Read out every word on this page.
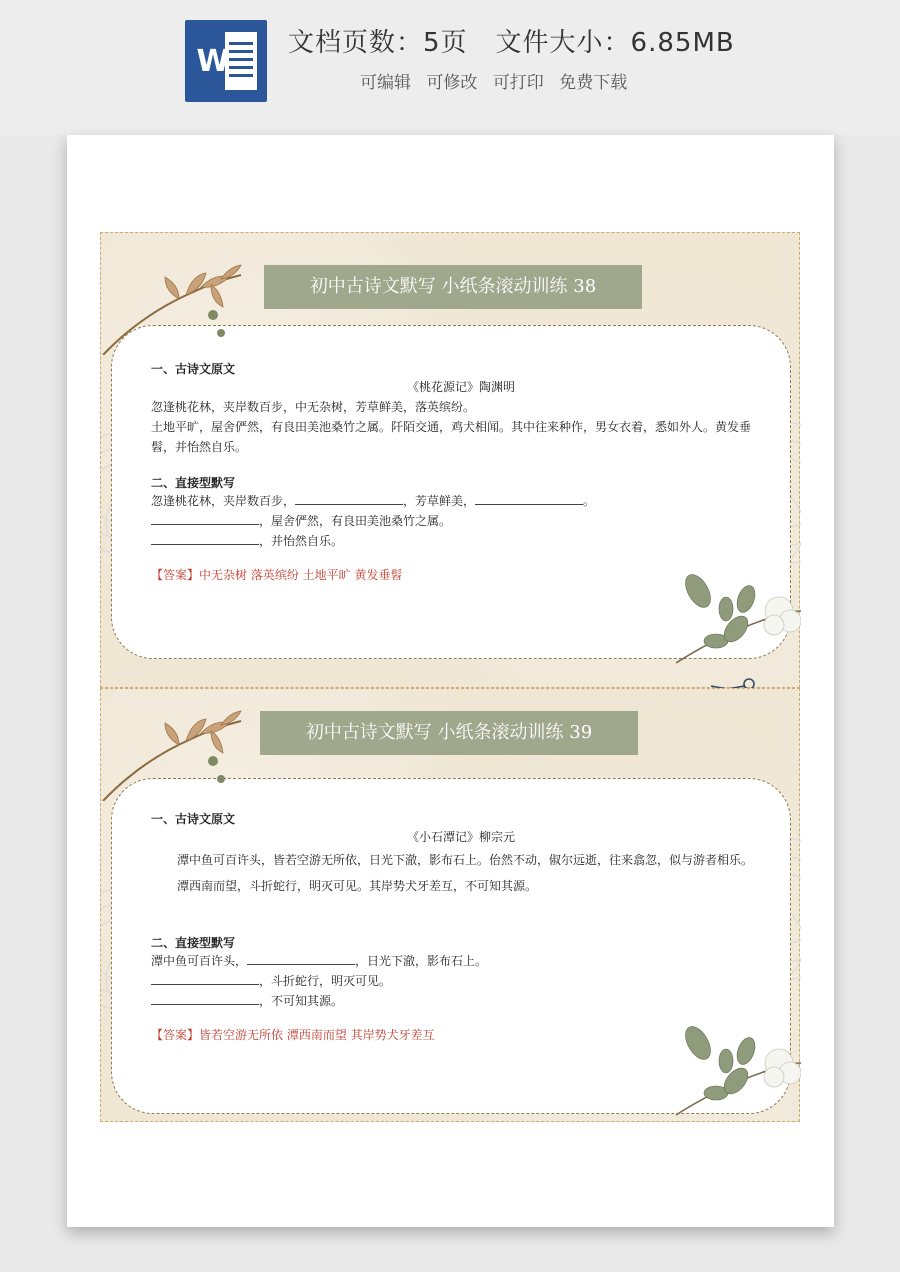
W
文档页数：5页 文件大小：6.85MB
可编辑 可修改 可打印 免费下载
初中古诗文默写 小纸条滚动训练 38
一、古诗文原文
《桃花源记》陶渊明
忽逢桃花林，夹岸数百步，中无杂树，芳草鲜美，落英缤纷。
土地平旷，屋舍俨然，有良田美池桑竹之属。阡陌交通，鸡犬相闻。其中往来种作，男女衣着，悉如外人。黄发垂髫，并怡然自乐。
二、直接型默写
忽逢桃花林，夹岸数百步，	，芳草鲜美，	。
，屋舍俨然，有良田美池桑竹之属。
，并怡然自乐。
【答案】中无杂树 落英缤纷 土地平旷 黄发垂髫
初中古诗文默写 小纸条滚动训练 39
一、古诗文原文
《小石潭记》柳宗元
潭中鱼可百许头，皆若空游无所依，日光下澈，影布石上。佁然不动，俶尔远逝，往来翕忽，似与游者相乐。
潭西南而望，斗折蛇行，明灭可见。其岸势犬牙差互，不可知其源。
二、直接型默写
潭中鱼可百许头，	，日光下澈，影布石上。
，斗折蛇行，明灭可见。
，不可知其源。
【答案】皆若空游无所依 潭西南而望 其岸势犬牙差互
